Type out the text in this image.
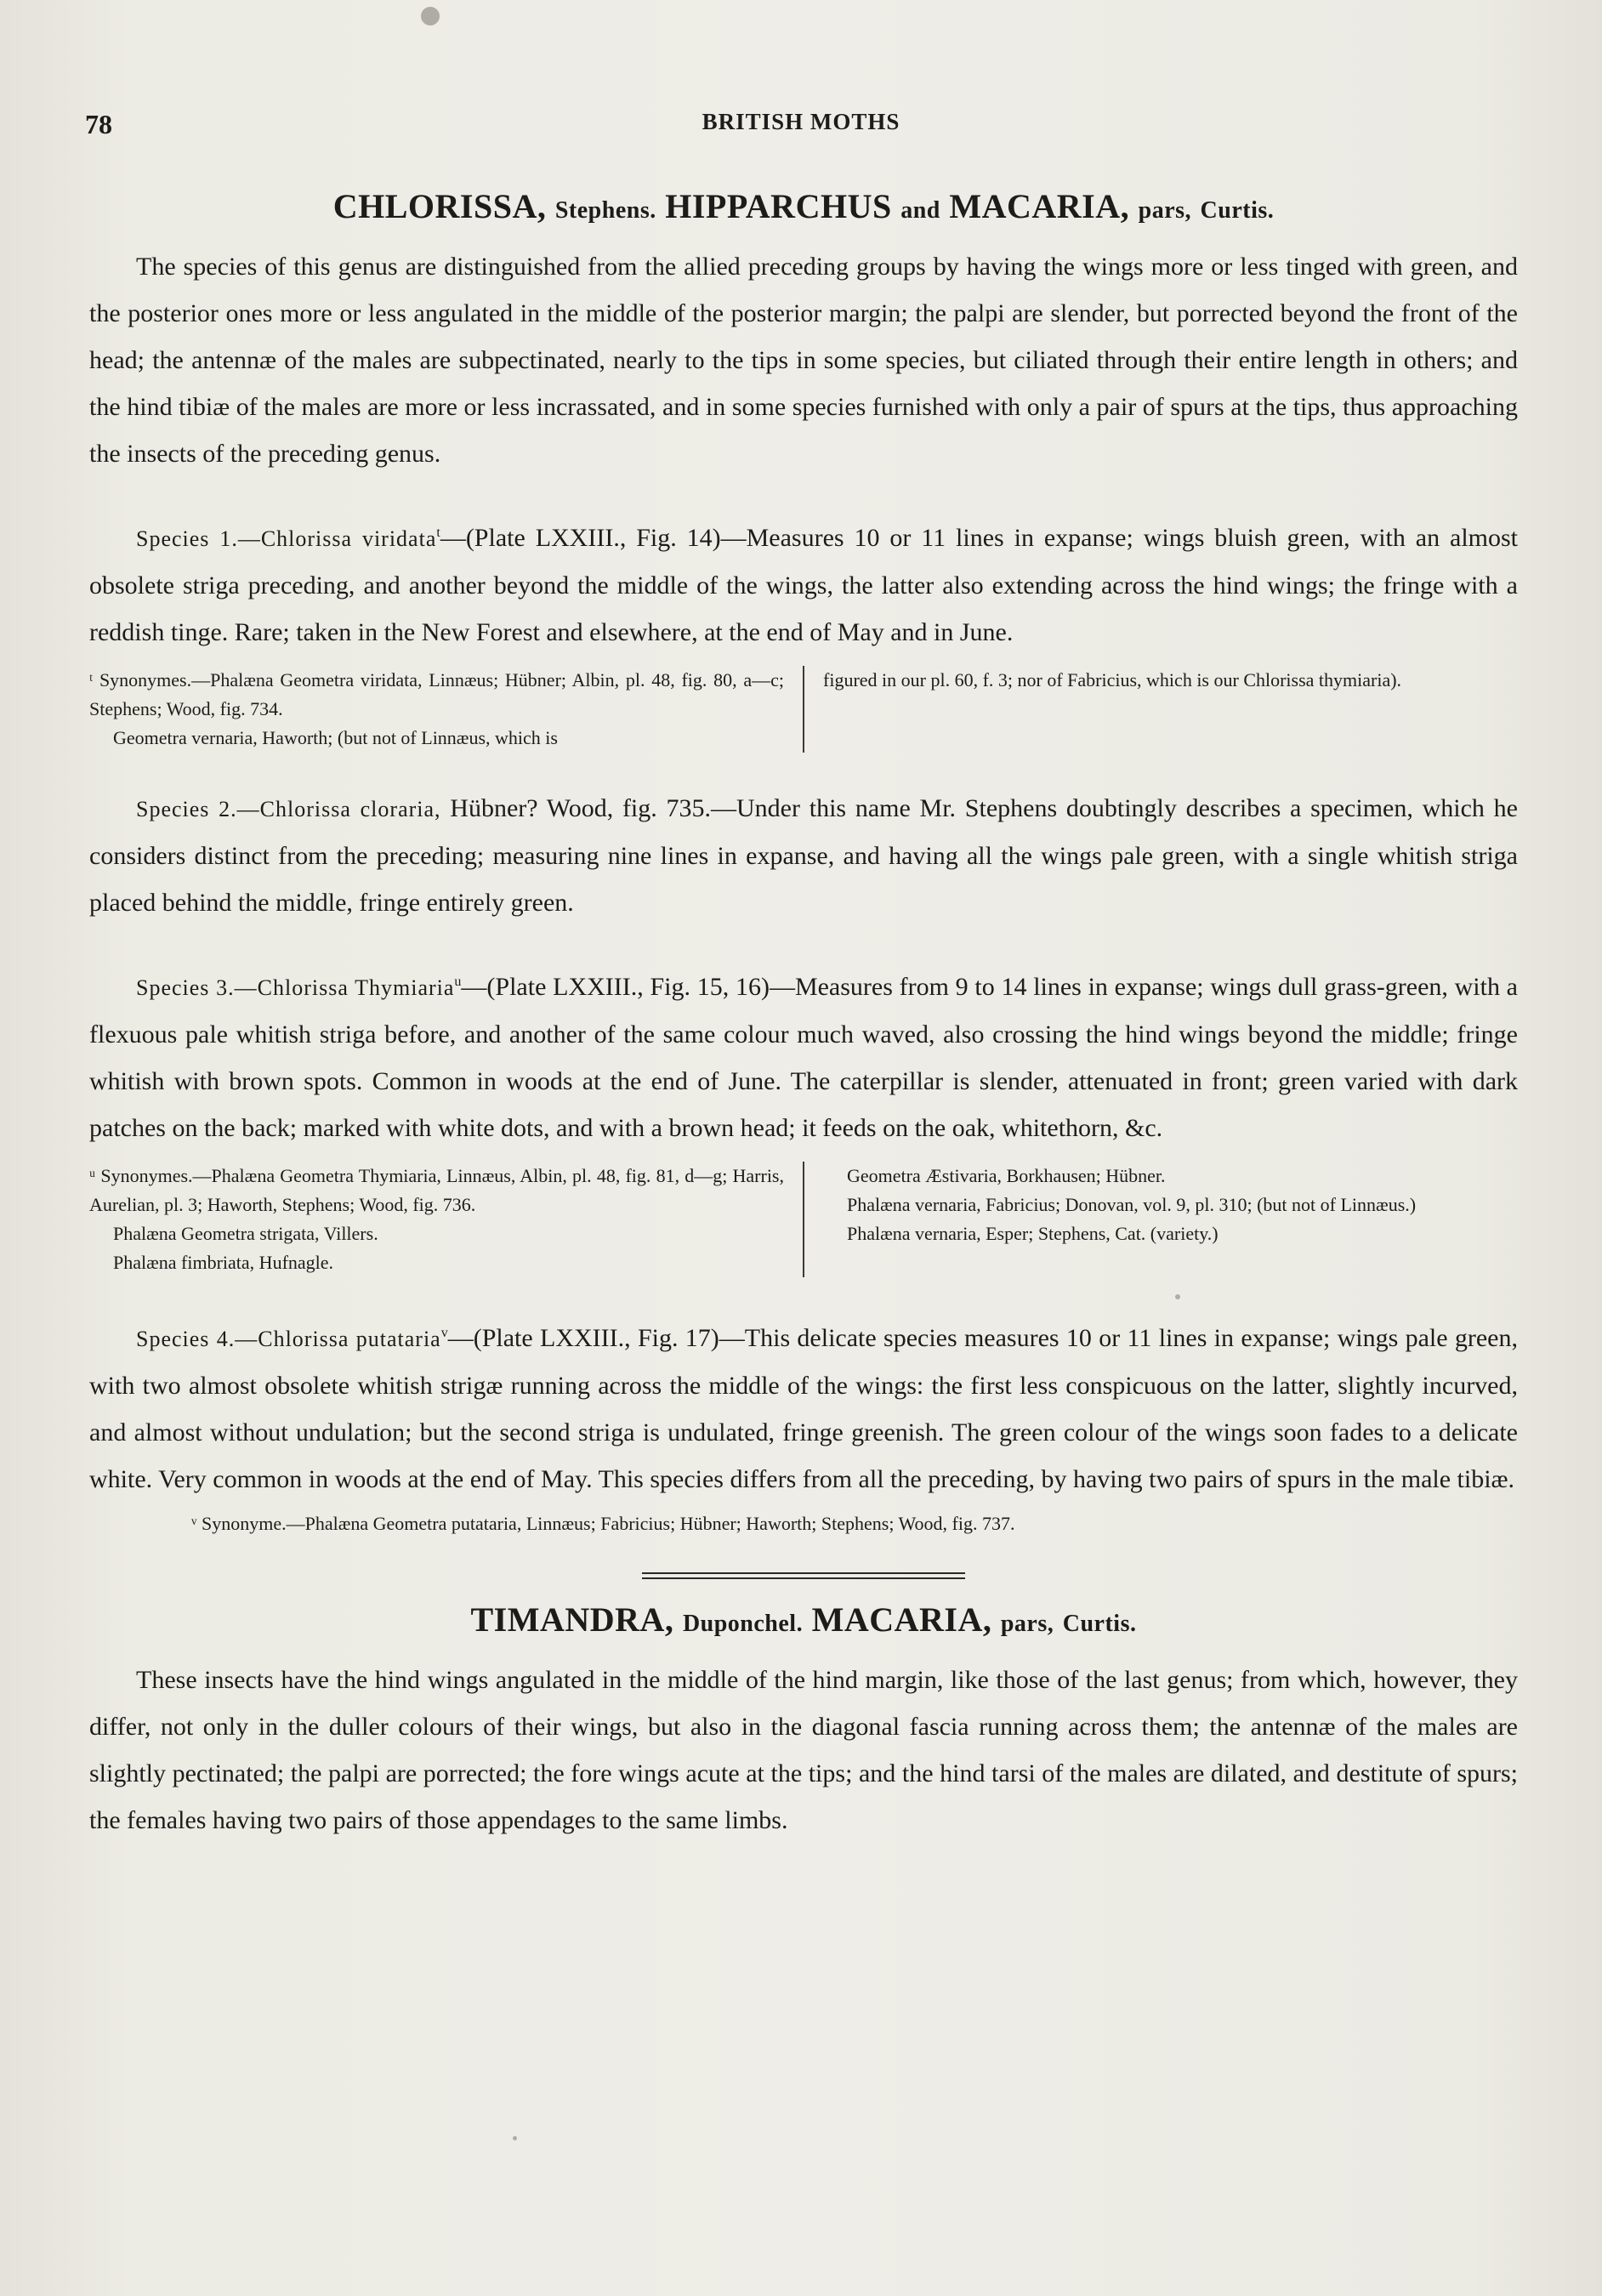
78	BRITISH MOTHS
CHLORISSA, Stephens. HIPPARCHUS and MACARIA, pars, Curtis.

The species of this genus are distinguished from the allied preceding groups by having the wings more or less tinged with green, and the posterior ones more or less angulated in the middle of the posterior margin; the palpi are slender, but porrected beyond the front of the head; the antennæ of the males are subpectinated, nearly to the tips in some species, but ciliated through their entire length in others; and the hind tibiæ of the males are more or less incrassated, and in some species furnished with only a pair of spurs at the tips, thus approaching the insects of the preceding genus.

Species 1.—Chlorissa viridata$^t$—(Plate LXXIII., Fig. 14)—Measures 10 or 11 lines in expanse; wings bluish green, with an almost obsolete striga preceding, and another beyond the middle of the wings, the latter also extending across the hind wings; the fringe with a reddish tinge. Rare; taken in the New Forest and elsewhere, at the end of May and in June.

ᵗ Synonymes.—Phalæna Geometra viridata, Linnæus; Hübner; Albin, pl. 48, fig. 80, a—c; Stephens; Wood, fig. 734.

Geometra vernaria, Haworth; (but not of Linnæus, which is

figured in our pl. 60, f. 3; nor of Fabricius, which is our Chlorissa thymiaria).

Species 2.—Chlorissa cloraria, Hübner? Wood, fig. 735.—Under this name Mr. Stephens doubtingly describes a specimen, which he considers distinct from the preceding; measuring nine lines in expanse, and having all the wings pale green, with a single whitish striga placed behind the middle, fringe entirely green.

Species 3.—Chlorissa Thymiaria$^u$—(Plate LXXIII., Fig. 15, 16)—Measures from 9 to 14 lines in expanse; wings dull grass-green, with a flexuous pale whitish striga before, and another of the same colour much waved, also crossing the hind wings beyond the middle; fringe whitish with brown spots. Common in woods at the end of June. The caterpillar is slender, attenuated in front; green varied with dark patches on the back; marked with white dots, and with a brown head; it feeds on the oak, whitethorn, &c.

ᵘ Synonymes.—Phalæna Geometra Thymiaria, Linnæus, Albin, pl. 48, fig. 81, d—g; Harris, Aurelian, pl. 3; Haworth, Stephens; Wood, fig. 736.

Phalæna Geometra strigata, Villers.

Phalæna fimbriata, Hufnagle.

Geometra Æstivaria, Borkhausen; Hübner.

Phalæna vernaria, Fabricius; Donovan, vol. 9, pl. 310; (but not of Linnæus.)

Phalæna vernaria, Esper; Stephens, Cat. (variety.)

Species 4.—Chlorissa putataria$^v$—(Plate LXXIII., Fig. 17)—This delicate species measures 10 or 11 lines in expanse; wings pale green, with two almost obsolete whitish strigæ running across the middle of the wings: the first less conspicuous on the latter, slightly incurved, and almost without undulation; but the second striga is undulated, fringe greenish. The green colour of the wings soon fades to a delicate white. Very common in woods at the end of May. This species differs from all the preceding, by having two pairs of spurs in the male tibiæ.

ᵛ Synonyme.—Phalæna Geometra putataria, Linnæus; Fabricius; Hübner; Haworth; Stephens; Wood, fig. 737.

TIMANDRA, Duponchel. MACARIA, pars, Curtis.

These insects have the hind wings angulated in the middle of the hind margin, like those of the last genus; from which, however, they differ, not only in the duller colours of their wings, but also in the diagonal fascia running across them; the antennæ of the males are slightly pectinated; the palpi are porrected; the fore wings acute at the tips; and the hind tarsi of the males are dilated, and destitute of spurs; the females having two pairs of those appendages to the same limbs.
